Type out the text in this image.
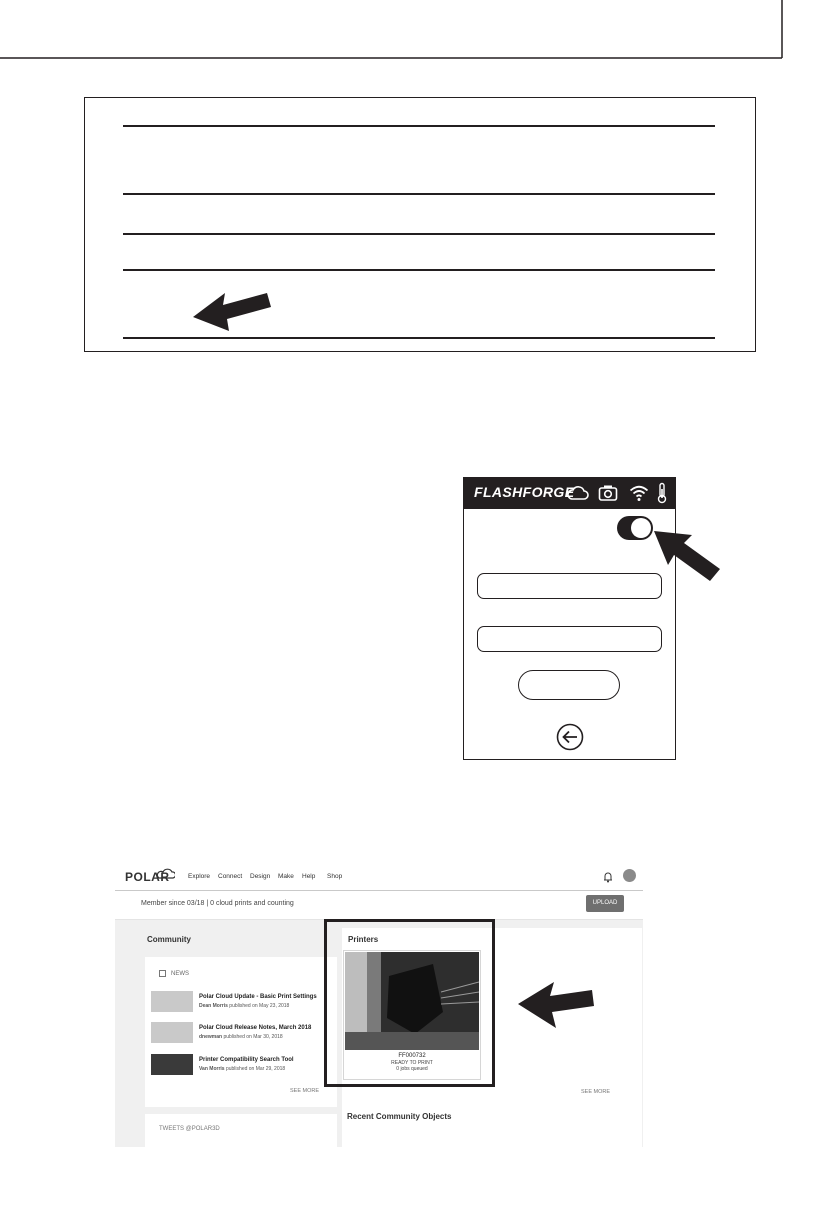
FLASHFORGE
POLAR	Explore Connect Design Make Help Shop
Member since 03/18 | 0 cloud prints and counting	UPLOAD
Community
NEWS
Polar Cloud Update - Basic Print Settings
Dean Morris published on May 23, 2018
Polar Cloud Release Notes, March 2018
dnewman published on Mar 30, 2018
Printer Compatibility Search Tool
Van Morris published on Mar 29, 2018
SEE MORE
TWEETS @POLAR3D
Printers
FF000732
READY TO PRINT
0 jobs queued
SEE MORE
Recent Community Objects
